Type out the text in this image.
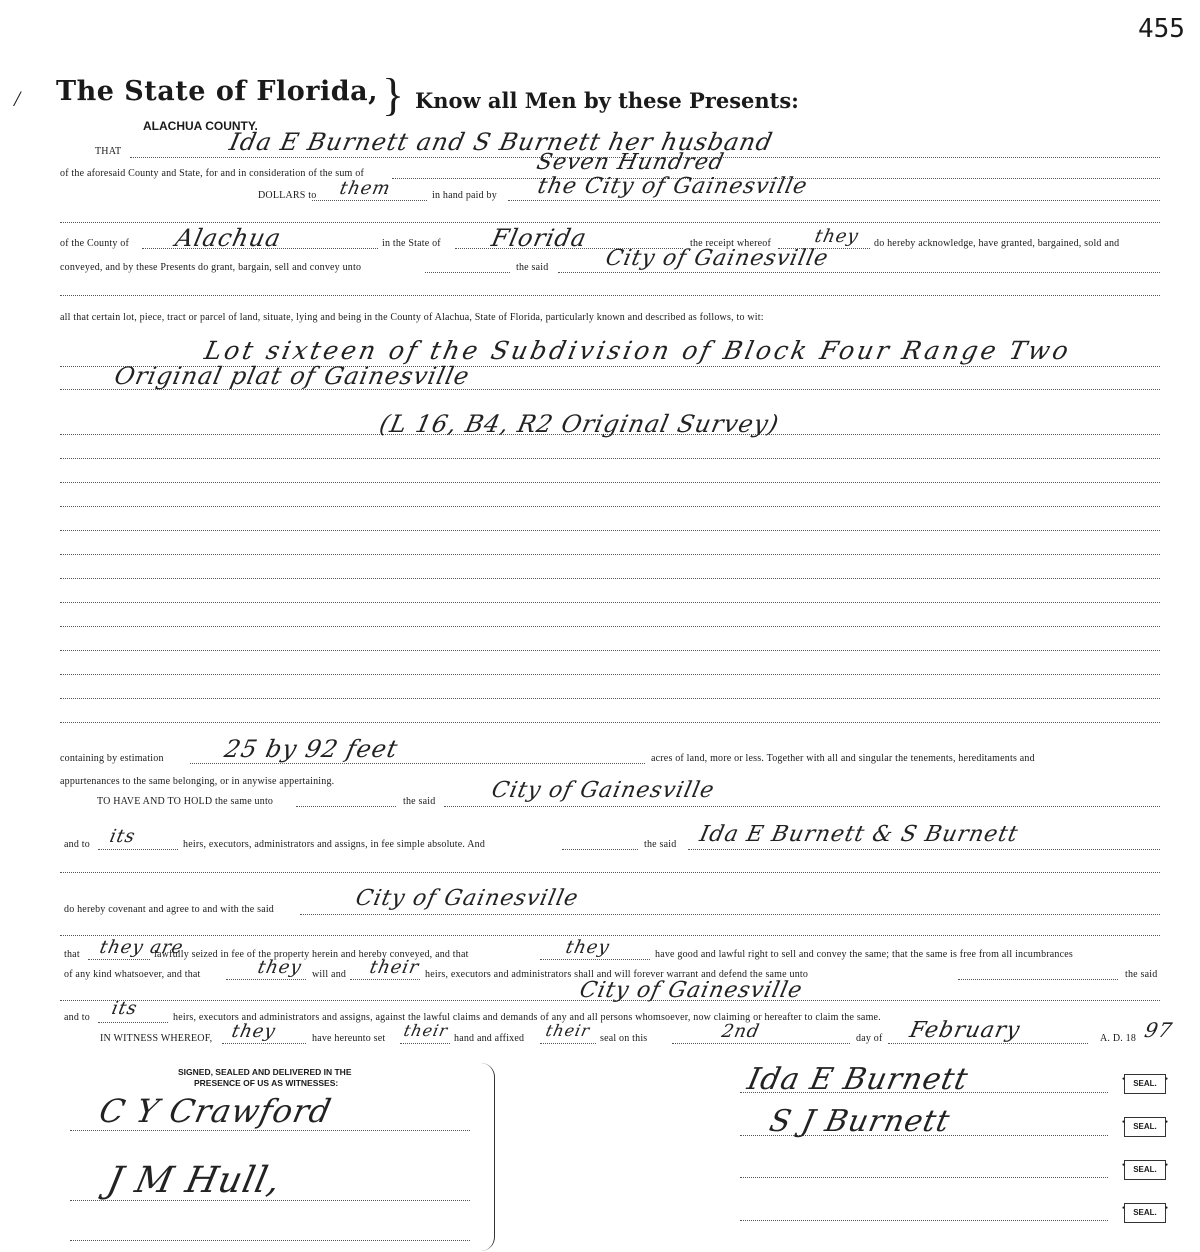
455
/ The State of Florida, } Know all Men by these Presents:
ALACHUA COUNTY.
THAT	Ida E Burnett and S Burnett her husband
of the aforesaid County and State, for and in consideration of the sum of	Seven Hundred
DOLLARS to them	in hand paid by the City of Gainesville
of the County of Alachua	in the State of Florida	the receipt whereof they do hereby acknowledge, have granted, bargained, sold and
conveyed, and by these Presents do grant, bargain, sell and convey unto	the said City of Gainesville
all that certain lot, piece, tract or parcel of land, situate, lying and being in the County of Alachua, State of Florida, particularly known and described as follows, to wit:
Lot sixteen of the Subdivision of Block Four Range Two
Original plat of Gainesville
(L 16, B4, R2 Original Survey)
containing by estimation 25 by 92 feet	acres of land, more or less. Together with all and singular the tenements, hereditaments and
appurtenances to the same belonging, or in anywise appertaining.
TO HAVE AND TO HOLD the same unto	the said City of Gainesville
and to its	heirs, executors, administrators and assigns, in fee simple absolute. And	the said Ida E Burnett & S Burnett
do hereby covenant and agree to and with the said	City of Gainesville
that they are
lawfully seized in fee of the property herein and hereby conveyed, and that	they	have good and lawful right to sell and convey the same; that the same is free from all incumbrances
of any kind whatsoever, and that	they will and their heirs, executors and administrators shall and will forever warrant and defend the same unto	the said
City of Gainesville
and to its	heirs, executors and administrators and assigns, against the lawful claims and demands of any and all persons whomsoever, now claiming or hereafter to claim the same.
IN WITNESS WHEREOF, they	have hereunto set their hand and affixed their seal on this	2nd	day of February	A. D. 18 97
SIGNED, SEALED AND DELIVERED IN THE
PRESENCE OF US AS WITNESSES:
C Y Crawford
J M Hull,
Ida E Burnett	● SEAL. ●
S J Burnett	● SEAL. ●
● SEAL. ●
● SEAL. ●
